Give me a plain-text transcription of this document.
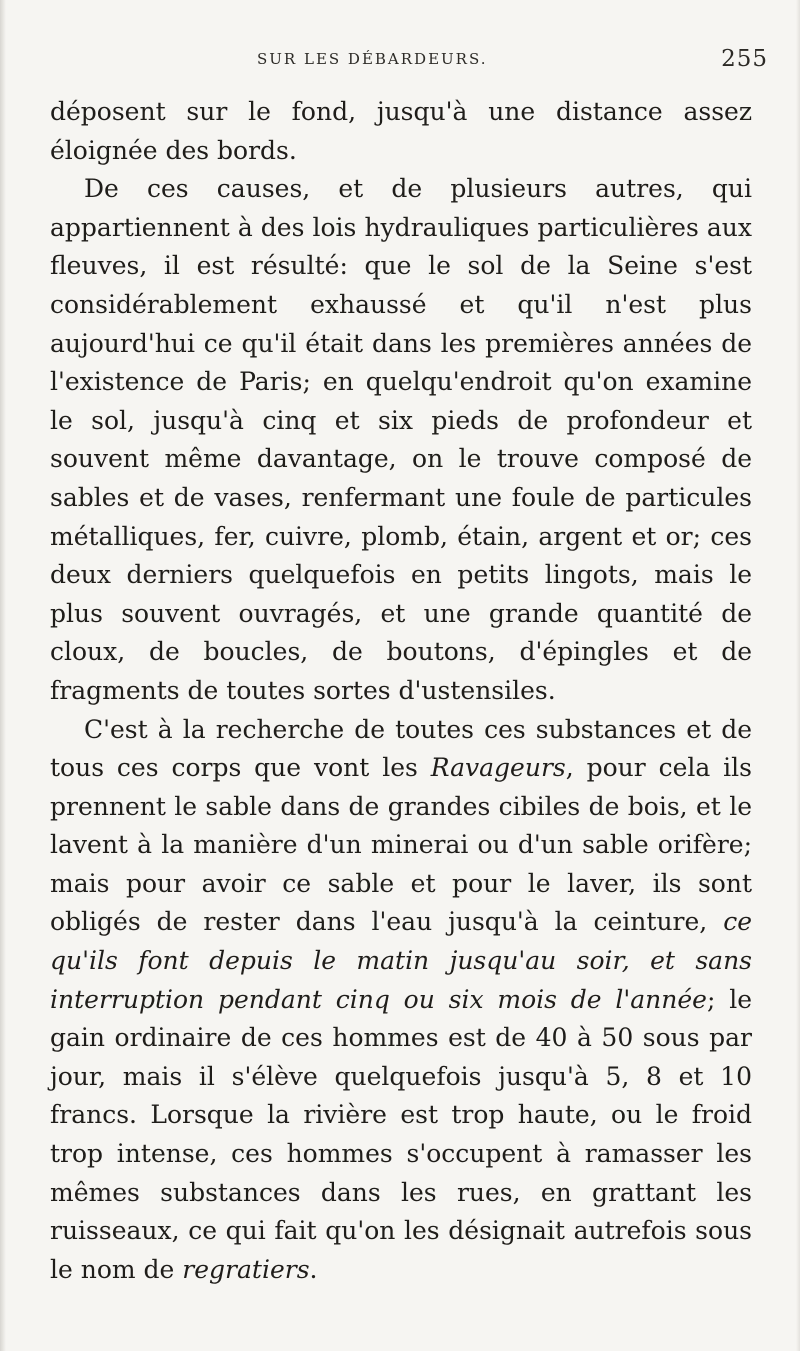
SUR LES DÉBARDEURS.	255

déposent sur le fond, jusqu'à une distance assez éloignée des bords.

De ces causes, et de plusieurs autres, qui appartiennent à des lois hydrauliques particulières aux fleuves, il est résulté: que le sol de la Seine s'est considérablement exhaussé et qu'il n'est plus aujourd'hui ce qu'il était dans les premières années de l'existence de Paris; en quelqu'endroit qu'on examine le sol, jusqu'à cinq et six pieds de profondeur et souvent même davantage, on le trouve composé de sables et de vases, renfermant une foule de particules métalliques, fer, cuivre, plomb, étain, argent et or; ces deux derniers quelquefois en petits lingots, mais le plus souvent ouvragés, et une grande quantité de cloux, de boucles, de boutons, d'épingles et de fragments de toutes sortes d'ustensiles.

C'est à la recherche de toutes ces substances et de tous ces corps que vont les Ravageurs, pour cela ils prennent le sable dans de grandes cibiles de bois, et le lavent à la manière d'un minerai ou d'un sable orifère; mais pour avoir ce sable et pour le laver, ils sont obligés de rester dans l'eau jusqu'à la ceinture, ce qu'ils font depuis le matin jusqu'au soir, et sans interruption pendant cinq ou six mois de l'année; le gain ordinaire de ces hommes est de 40 à 50 sous par jour, mais il s'élève quelquefois jusqu'à 5, 8 et 10 francs. Lorsque la rivière est trop haute, ou le froid trop intense, ces hommes s'occupent à ramasser les mêmes substances dans les rues, en grattant les ruisseaux, ce qui fait qu'on les désignait autrefois sous le nom de regratiers.
